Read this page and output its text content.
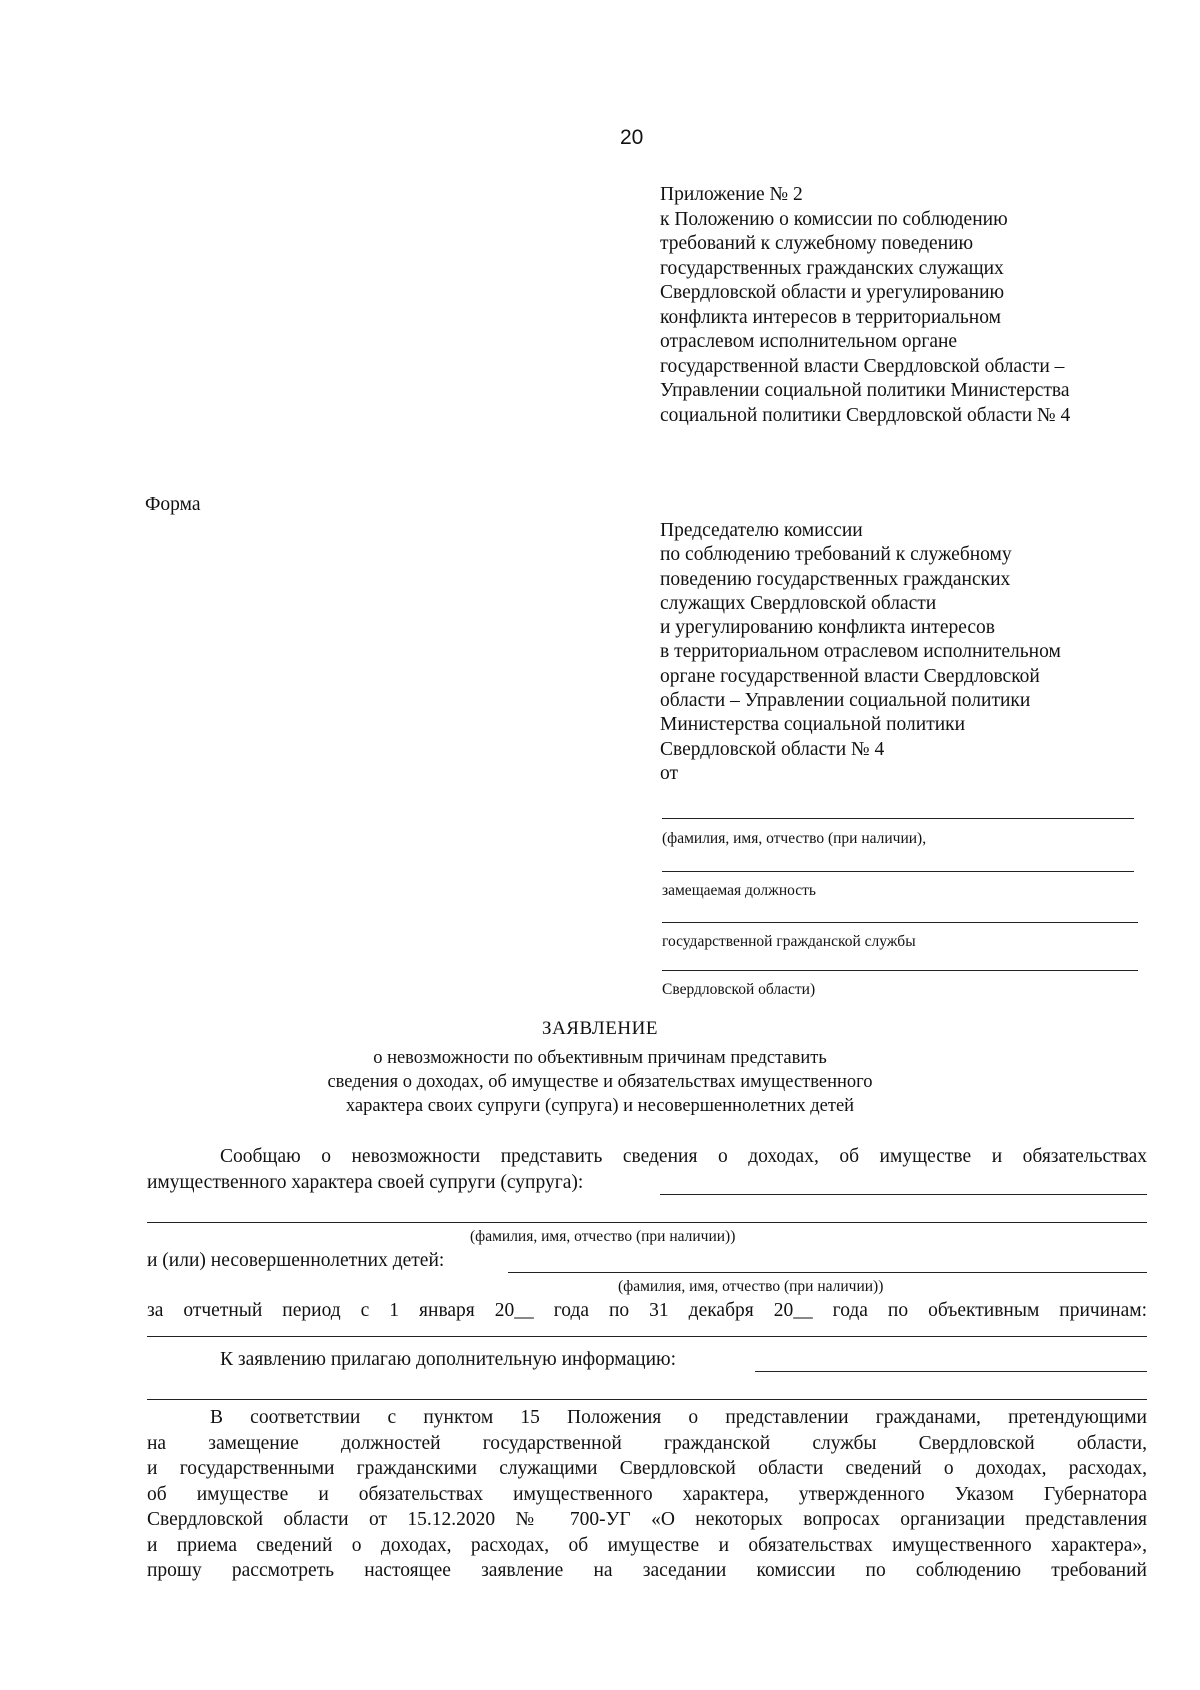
20
Приложение № 2
к Положению о комиссии по соблюдению
требований к служебному поведению
государственных гражданских служащих
Свердловской области и урегулированию
конфликта интересов в территориальном
отраслевом исполнительном органе
государственной власти Свердловской области –
Управлении социальной политики Министерства
социальной политики Свердловской области № 4
Форма
Председателю комиссии
по соблюдению требований к служебному
поведению государственных гражданских
служащих Свердловской области
и урегулированию конфликта интересов
в территориальном отраслевом исполнительном
органе государственной власти Свердловской
области – Управлении социальной политики
Министерства социальной политики
Свердловской области № 4
от
(фамилия, имя, отчество (при наличии),
замещаемая должность
государственной гражданской службы
Свердловской области)
ЗАЯВЛЕНИЕ
о невозможности по объективным причинам представить
сведения о доходах, об имуществе и обязательствах имущественного
характера своих супруги (супруга) и несовершеннолетних детей
Сообщаю о невозможности представить сведения о доходах, об имуществе и обязательствах
имущественного характера своей супруги (супруга):
(фамилия, имя, отчество (при наличии))
и (или) несовершеннолетних детей:
(фамилия, имя, отчество (при наличии))
за отчетный период с 1 января 20__ года по 31 декабря 20__ года по объективным причинам:
К заявлению прилагаю дополнительную информацию:
В соответствии с пунктом 15 Положения о представлении гражданами, претендующими
на замещение должностей государственной гражданской службы Свердловской области,
и государственными гражданскими служащими Свердловской области сведений о доходах, расходах,
об имуществе и обязательствах имущественного характера, утвержденного Указом Губернатора
Свердловской области от 15.12.2020 № 700-УГ «О некоторых вопросах организации представления
и приема сведений о доходах, расходах, об имуществе и обязательствах имущественного характера»,
прошу рассмотреть настоящее заявление на заседании комиссии по соблюдению требований
